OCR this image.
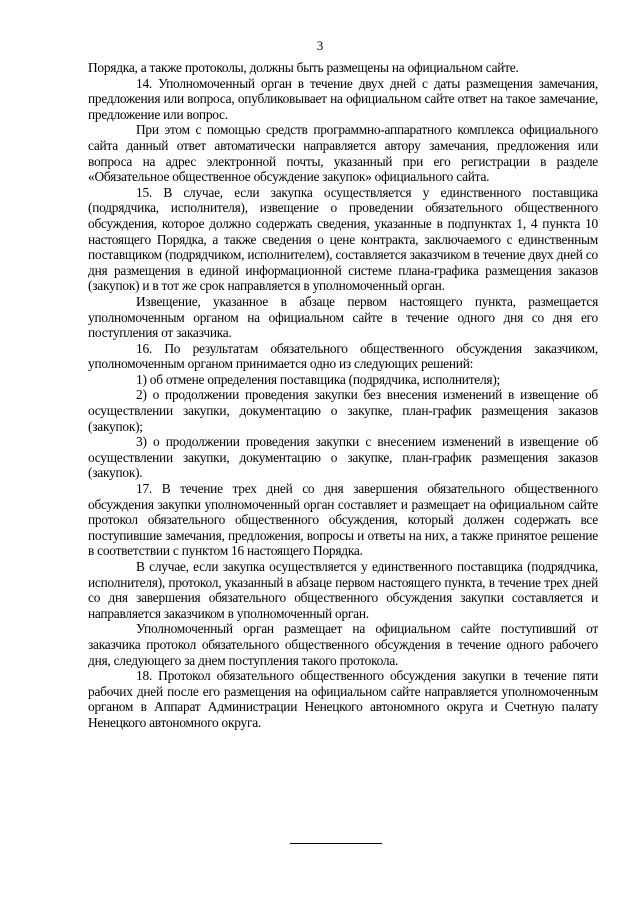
3

Порядка, а также протоколы, должны быть размещены на официальном сайте.

14. Уполномоченный орган в течение двух дней с даты размещения замечания, предложения или вопроса, опубликовывает на официальном сайте ответ на такое замечание, предложение или вопрос.

При этом с помощью средств программно-аппаратного комплекса официального сайта данный ответ автоматически направляется автору замечания, предложения или вопроса на адрес электронной почты, указанный при его регистрации в разделе «Обязательное общественное обсуждение закупок» официального сайта.

15. В случае, если закупка осуществляется у единственного поставщика (подрядчика, исполнителя), извещение о проведении обязательного общественного обсуждения, которое должно содержать сведения, указанные в подпунктах 1, 4 пункта 10 настоящего Порядка, а также сведения о цене контракта, заключаемого с единственным поставщиком (подрядчиком, исполнителем), составляется заказчиком в течение двух дней со дня размещения в единой информационной системе плана-графика размещения заказов (закупок) и в тот же срок направляется в уполномоченный орган.

Извещение, указанное в абзаце первом настоящего пункта, размещается уполномоченным органом на официальном сайте в течение одного дня со дня его поступления от заказчика.

16. По результатам обязательного общественного обсуждения заказчиком, уполномоченным органом принимается одно из следующих решений:

1) об отмене определения поставщика (подрядчика, исполнителя);

2) о продолжении проведения закупки без внесения изменений в извещение об осуществлении закупки, документацию о закупке, план-график размещения заказов (закупок);

3) о продолжении проведения закупки с внесением изменений в извещение об осуществлении закупки, документацию о закупке, план-график размещения заказов (закупок).

17. В течение трех дней со дня завершения обязательного общественного обсуждения закупки уполномоченный орган составляет и размещает на официальном сайте протокол обязательного общественного обсуждения, который должен содержать все поступившие замечания, предложения, вопросы и ответы на них, а также принятое решение в соответствии с пунктом 16 настоящего Порядка.

В случае, если закупка осуществляется у единственного поставщика (подрядчика, исполнителя), протокол, указанный в абзаце первом настоящего пункта, в течение трех дней со дня завершения обязательного общественного обсуждения закупки составляется и направляется заказчиком в уполномоченный орган.

Уполномоченный орган размещает на официальном сайте поступивший от заказчика протокол обязательного общественного обсуждения в течение одного рабочего дня, следующего за днем поступления такого протокола.

18. Протокол обязательного общественного обсуждения закупки в течение пяти рабочих дней после его размещения на официальном сайте направляется уполномоченным органом в Аппарат Администрации Ненецкого автономного округа и Счетную палату Ненецкого автономного округа.
